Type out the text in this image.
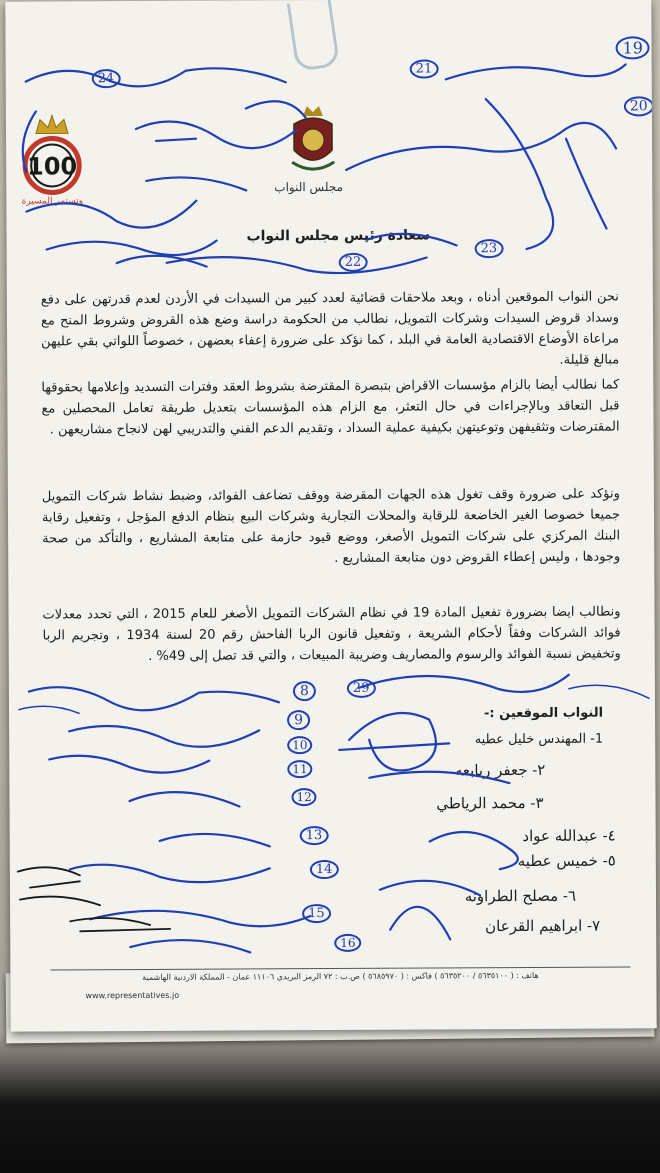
100
وتستمر المسيرة
مجلس النواب
سعادة رئيس مجلس النواب
نحن النواب الموقعين أدناه ، وبعد ملاحقات قضائية لعدد كبير من السيدات في الأردن لعدم قدرتهن على دفع وسداد قروض السيدات وشركات التمويل، نطالب من الحكومة دراسة وضع هذه القروض وشروط المنح مع مراعاة الأوضاع الاقتصادية العامة في البلد ، كما نؤكد على ضرورة إعفاء بعضهن ، خصوصاً اللواتي بقي عليهن مبالغ قليلة.
كما نطالب أيضا بالزام مؤسسات الاقراض بتبصرة المقترضة بشروط العقد وفترات التسديد وإعلامها بحقوقها قبل التعاقد وبالإجراءات في حال التعثر، مع الزام هذه المؤسسات بتعديل طريقة تعامل المحصلين مع المقترضات وتثقيفهن وتوعيتهن بكيفية عملية السداد ، وتقديم الدعم الفني والتدريبي لهن لانجاح مشاريعهن .
ونؤكد على ضرورة وقف تغول هذه الجهات المقرضة ووقف تضاعف الفوائد، وضبط نشاط شركات التمويل جميعا خصوصا الغير الخاضعة للرقابة والمحلات التجارية وشركات البيع بنظام الدفع المؤجل ، وتفعيل رقابة البنك المركزي على شركات التمويل الأصغر، ووضع قيود حازمة على متابعة المشاريع ، والتأكد من صحة وجودها ، وليس إعطاء القروض دون متابعة المشاريع .
ونطالب ايضا بضرورة تفعيل المادة 19 في نظام الشركات التمويل الأصغر للعام 2015 ، التي تحدد معدلات فوائد الشركات وفقاً لأحكام الشريعة ، وتفعيل قانون الربا الفاحش رقم 20 لسنة 1934 ، وتجريم الربا وتخفيض نسبة الفوائد والرسوم والمصاريف وضريبة المبيعات ، والتي قد تصل إلى 49% .
النواب الموقعين :-
1- المهندس خليل عطيه
٢- جعفر ربابعه
٣- محمد الرياطي
٤- عبدالله عواد
٥- خميس عطيه
٦- مصلح الطراونه
٧- ابراهيم القرعان
19
20
21
22
23
24
8
9
10
11
12
13
14
15
16
29
هاتف : ( ٥٦٣٥١٠٠ / ٥٦٣٥٢٠٠ ) فاكس : ( ٥٦٨٥٩٧٠ ) ص.ب : ٧٢ الرمز البريدي ١١١٠٦ عمان - المملكة الاردنية الهاشمية
www.representatives.jo
